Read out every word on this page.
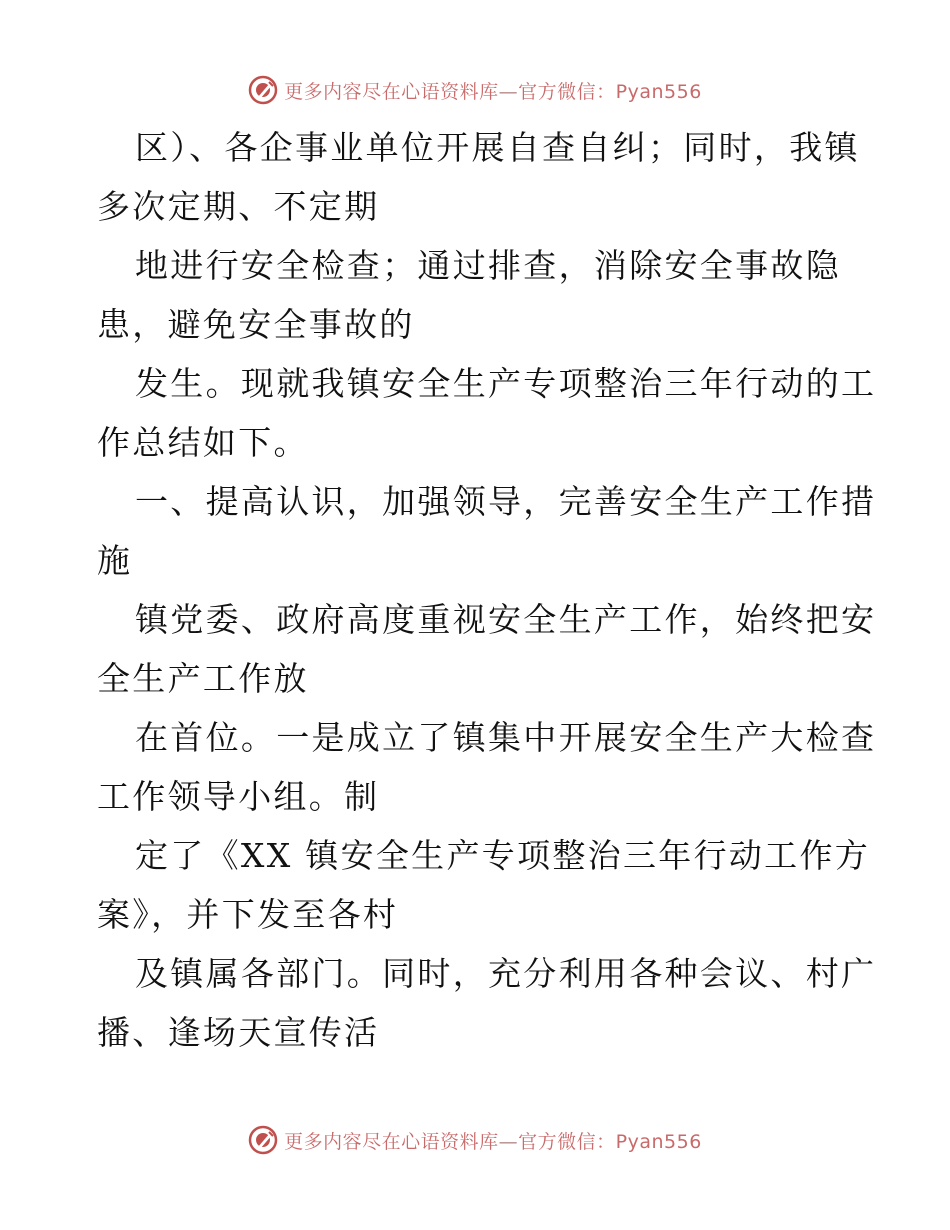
更多内容尽在心语资料库—官方微信：Pyan556
区）、各企事业单位开展自查自纠；同时，我镇
多次定期、不定期
地进行安全检查；通过排查，消除安全事故隐
患，避免安全事故的
发生。现就我镇安全生产专项整治三年行动的工
作总结如下。
一、提高认识，加强领导，完善安全生产工作措
施
镇党委、政府高度重视安全生产工作，始终把安
全生产工作放
在首位。一是成立了镇集中开展安全生产大检查
工作领导小组。制
定了《XX 镇安全生产专项整治三年行动工作方
案》，并下发至各村
及镇属各部门。同时，充分利用各种会议、村广
播、逢场天宣传活
更多内容尽在心语资料库—官方微信：Pyan556
